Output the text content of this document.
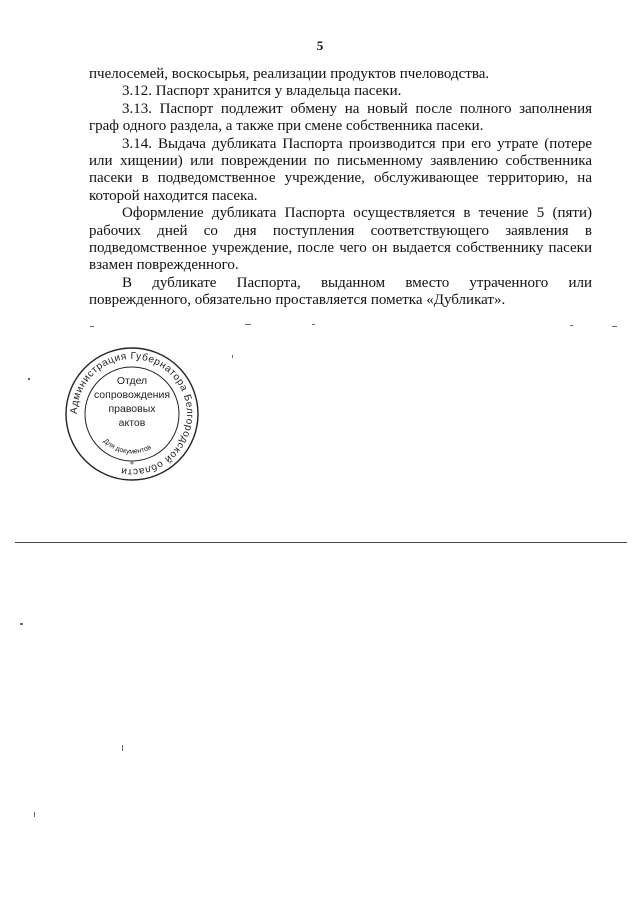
5

пчелосемей, воскосырья, реализации продуктов пчеловодства.

3.12. Паспорт хранится у владельца пасеки.

3.13. Паспорт подлежит обмену на новый после полного заполнения граф одного раздела, а также при смене собственника пасеки.

3.14. Выдача дубликата Паспорта производится при его утрате (потере или хищении) или повреждении по письменному заявлению собственника пасеки в подведомственное учреждение, обслуживающее территорию, на которой находится пасека.

Оформление дубликата Паспорта осуществляется в течение 5 (пяти) рабочих дней со дня поступления соответствующего заявления в подведомственное учреждение, после чего он выдается собственнику пасеки взамен поврежденного.

В дубликате Паспорта, выданном вместо утраченного или поврежденного, обязательно проставляется пометка «Дубликат».

Администрация Губернатора Белгородской области
Для документов
*
Отдел
сопровождения
правовых
актов
